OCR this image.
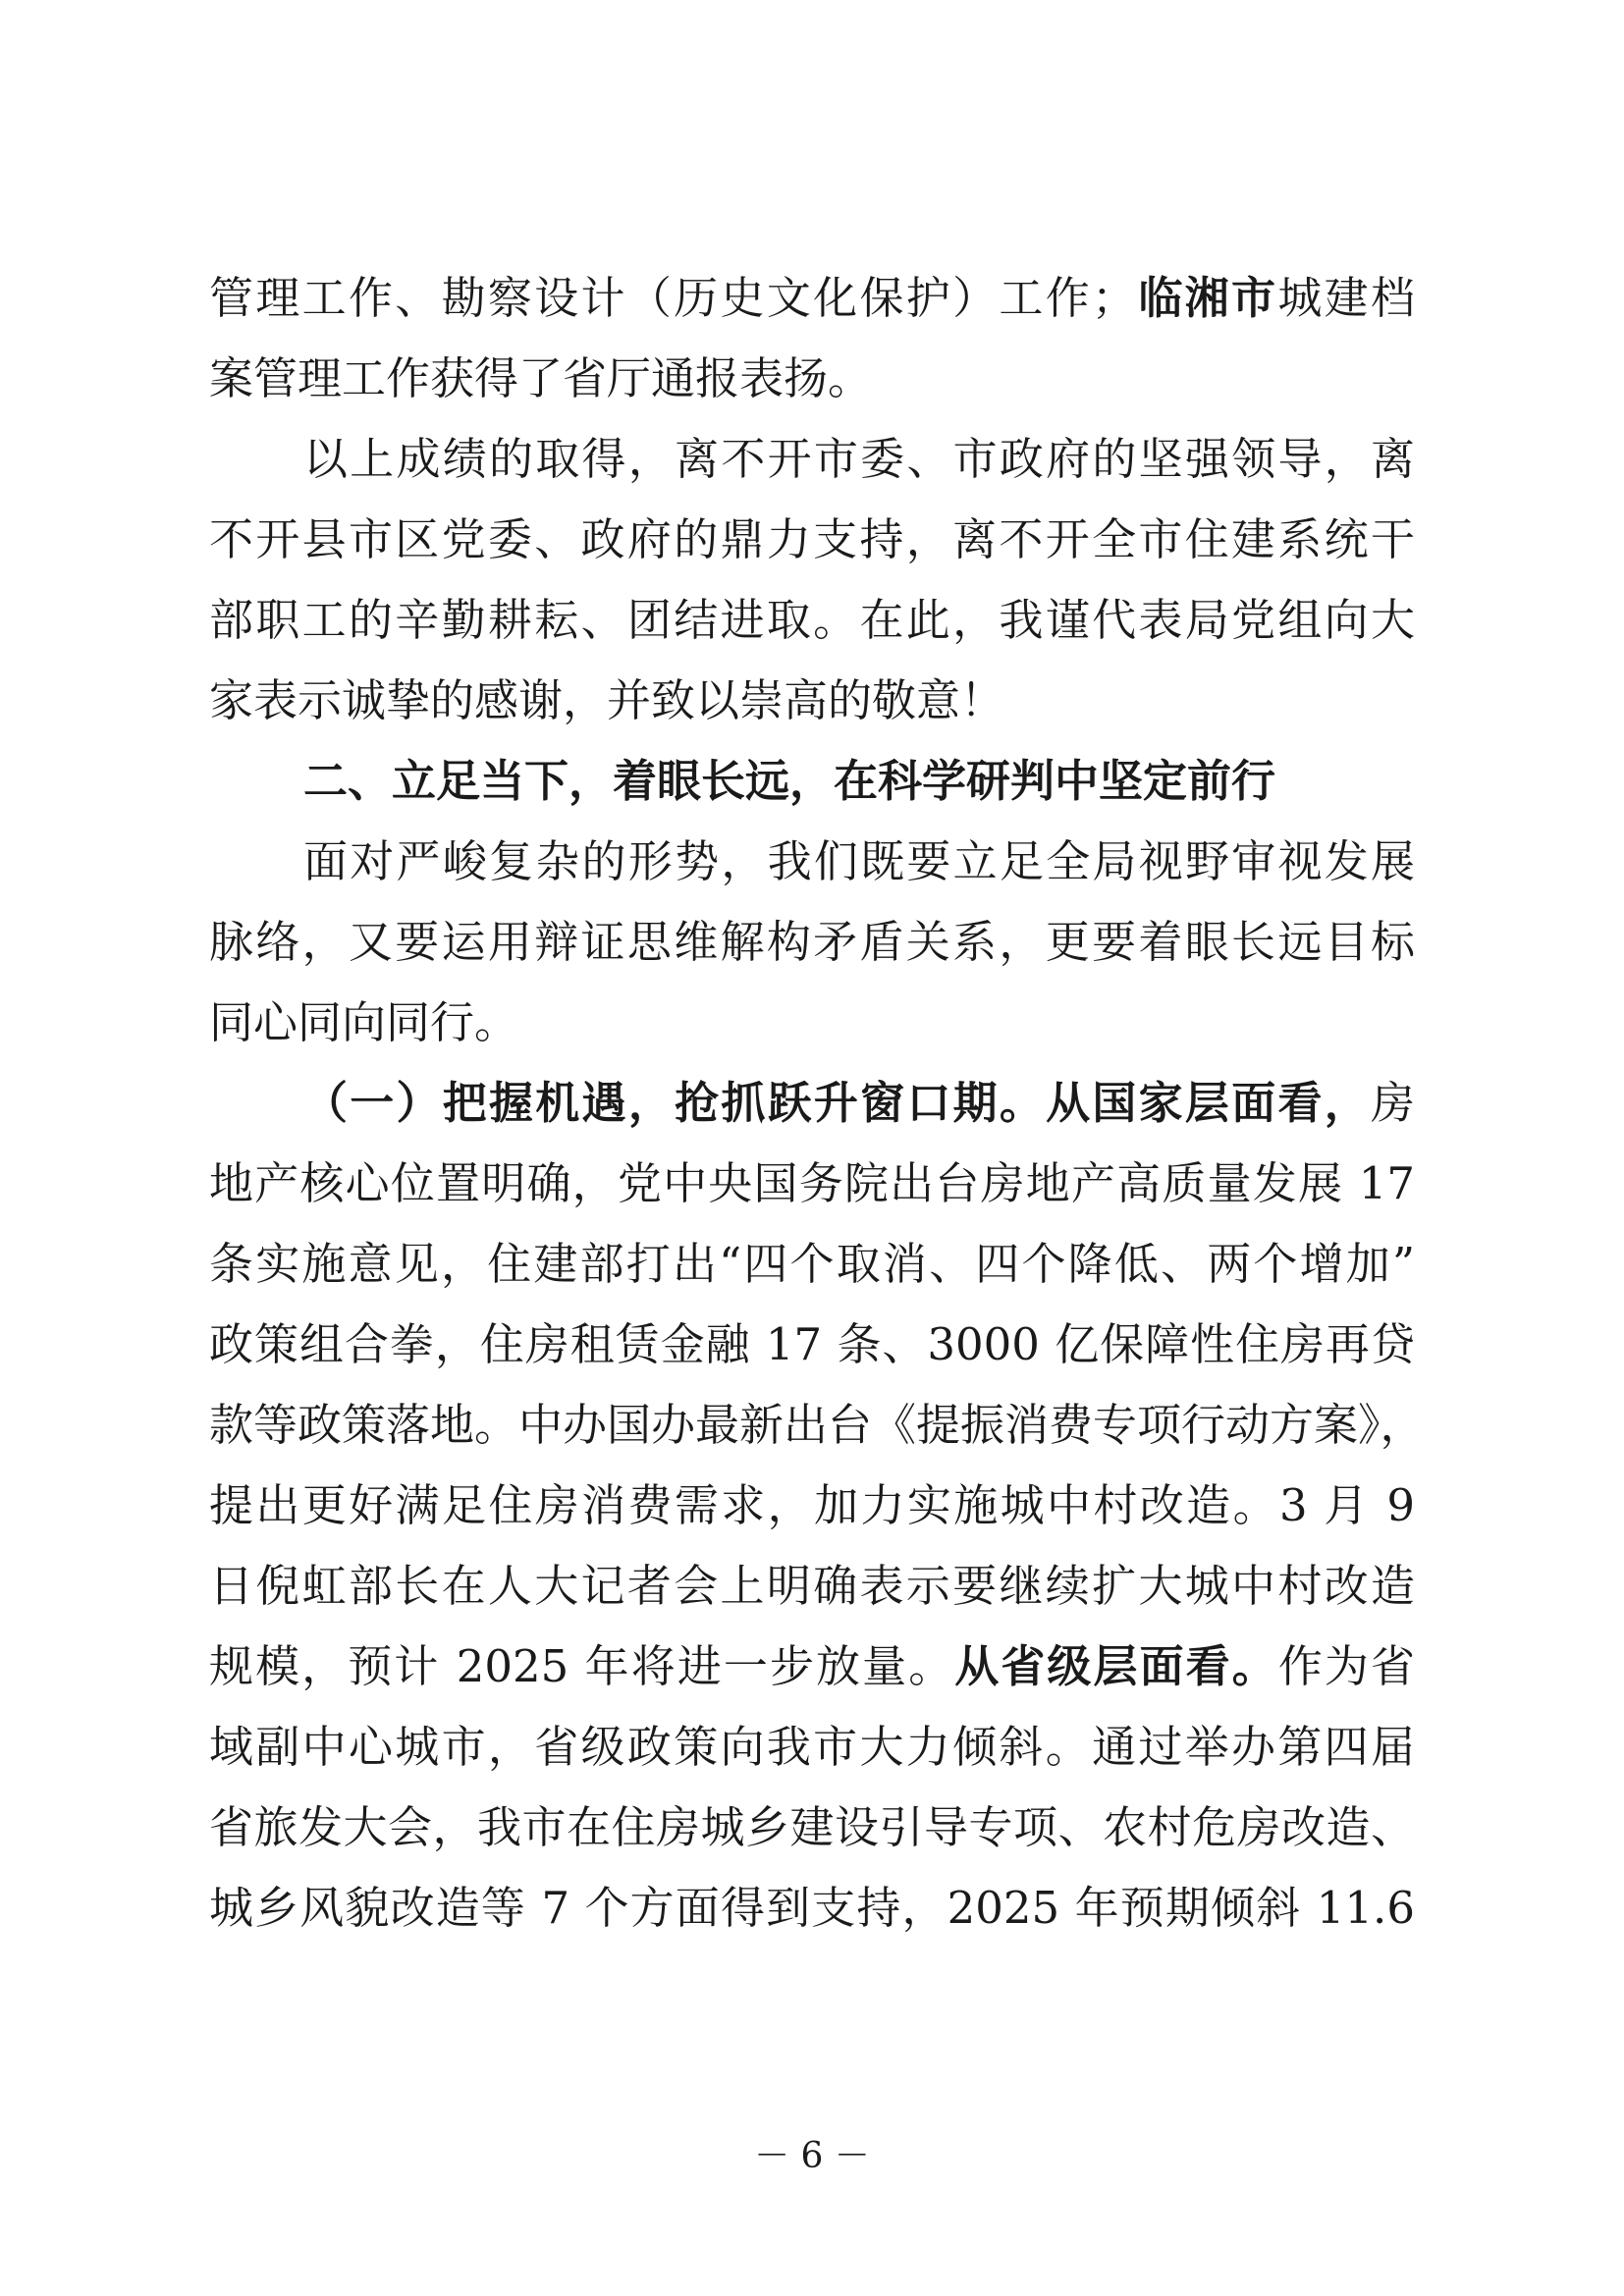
管理工作、勘察设计（历史文化保护）工作；临湘市城建档
案管理工作获得了省厅通报表扬。
以上成绩的取得，离不开市委、市政府的坚强领导，离
不开县市区党委、政府的鼎力支持，离不开全市住建系统干
部职工的辛勤耕耘、团结进取。在此，我谨代表局党组向大
家表示诚挚的感谢，并致以崇高的敬意！
二、立足当下，着眼长远，在科学研判中坚定前行
面对严峻复杂的形势，我们既要立足全局视野审视发展
脉络，又要运用辩证思维解构矛盾关系，更要着眼长远目标
同心同向同行。
（一）把握机遇，抢抓跃升窗口期。从国家层面看，房
地产核心位置明确，党中央国务院出台房地产高质量发展 17
条实施意见，住建部打出“四个取消、四个降低、两个增加”
政策组合拳，住房租赁金融 17 条、3000 亿保障性住房再贷
款等政策落地。中办国办最新出台《提振消费专项行动方案》，
提出更好满足住房消费需求，加力实施城中村改造。3 月 9
日倪虹部长在人大记者会上明确表示要继续扩大城中村改造
规模，预计 2025 年将进一步放量。从省级层面看。作为省
域副中心城市，省级政策向我市大力倾斜。通过举办第四届
省旅发大会，我市在住房城乡建设引导专项、农村危房改造、
城乡风貌改造等 7 个方面得到支持，2025 年预期倾斜 11.6
－ 6 －
